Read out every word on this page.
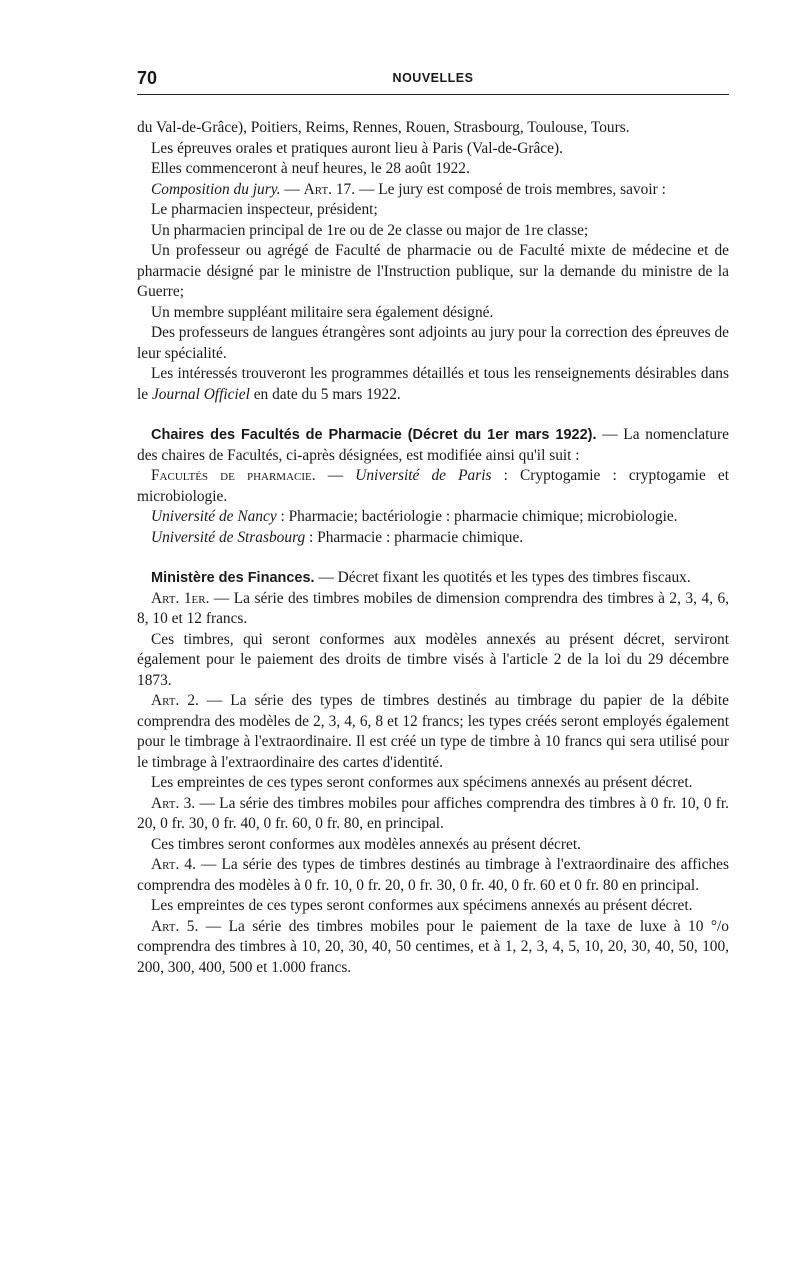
70	NOUVELLES

du Val-de-Grâce), Poitiers, Reims, Rennes, Rouen, Strasbourg, Toulouse, Tours.

Les épreuves orales et pratiques auront lieu à Paris (Val-de-Grâce).

Elles commenceront à neuf heures, le 28 août 1922.

Composition du jury. — Art. 17. — Le jury est composé de trois membres, savoir :

Le pharmacien inspecteur, président;

Un pharmacien principal de 1re ou de 2e classe ou major de 1re classe;

Un professeur ou agrégé de Faculté de pharmacie ou de Faculté mixte de médecine et de pharmacie désigné par le ministre de l'Instruction publique, sur la demande du ministre de la Guerre;

Un membre suppléant militaire sera également désigné.

Des professeurs de langues étrangères sont adjoints au jury pour la correction des épreuves de leur spécialité.

Les intéressés trouveront les programmes détaillés et tous les renseignements désirables dans le Journal Officiel en date du 5 mars 1922.

Chaires des Facultés de Pharmacie (Décret du 1er mars 1922). — La nomenclature des chaires de Facultés, ci-après désignées, est modifiée ainsi qu'il suit :

Facultés de pharmacie. — Université de Paris : Cryptogamie : cryptogamie et microbiologie.

Université de Nancy : Pharmacie; bactériologie : pharmacie chimique; microbiologie.

Université de Strasbourg : Pharmacie : pharmacie chimique.

Ministère des Finances. — Décret fixant les quotités et les types des timbres fiscaux.

Art. 1er. — La série des timbres mobiles de dimension comprendra des timbres à 2, 3, 4, 6, 8, 10 et 12 francs.

Ces timbres, qui seront conformes aux modèles annexés au présent décret, serviront également pour le paiement des droits de timbre visés à l'article 2 de la loi du 29 décembre 1873.

Art. 2. — La série des types de timbres destinés au timbrage du papier de la débite comprendra des modèles de 2, 3, 4, 6, 8 et 12 francs; les types créés seront employés également pour le timbrage à l'extraordinaire. Il est créé un type de timbre à 10 francs qui sera utilisé pour le timbrage à l'extraordinaire des cartes d'identité.

Les empreintes de ces types seront conformes aux spécimens annexés au présent décret.

Art. 3. — La série des timbres mobiles pour affiches comprendra des timbres à 0 fr. 10, 0 fr. 20, 0 fr. 30, 0 fr. 40, 0 fr. 60, 0 fr. 80, en principal.

Ces timbres seront conformes aux modèles annexés au présent décret.

Art. 4. — La série des types de timbres destinés au timbrage à l'extraordinaire des affiches comprendra des modèles à 0 fr. 10, 0 fr. 20, 0 fr. 30, 0 fr. 40, 0 fr. 60 et 0 fr. 80 en principal.

Les empreintes de ces types seront conformes aux spécimens annexés au présent décret.

Art. 5. — La série des timbres mobiles pour le paiement de la taxe de luxe à 10 °/o comprendra des timbres à 10, 20, 30, 40, 50 centimes, et à 1, 2, 3, 4, 5, 10, 20, 30, 40, 50, 100, 200, 300, 400, 500 et 1.000 francs.
